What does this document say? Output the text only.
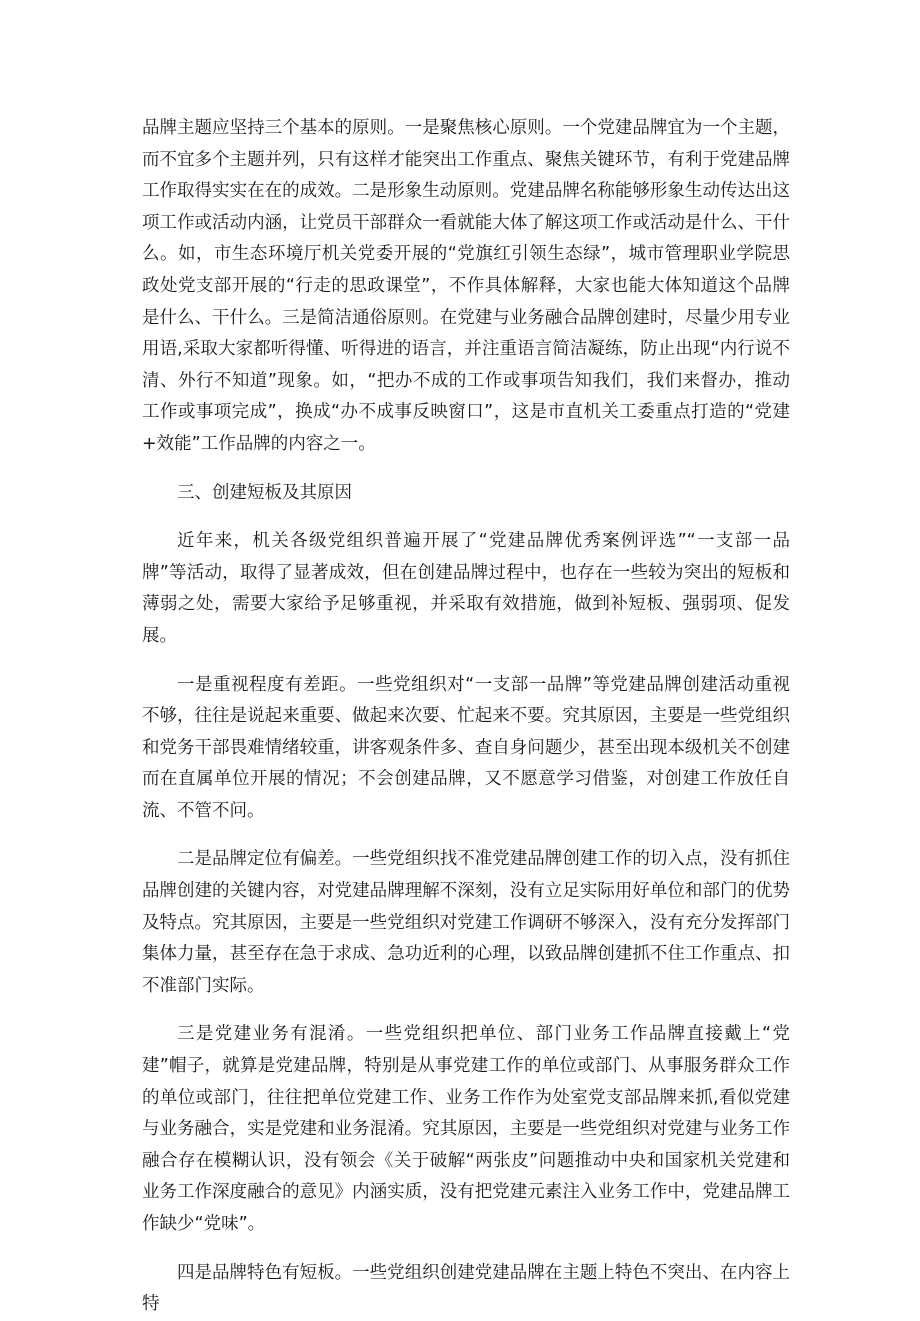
品牌主题应坚持三个基本的原则。一是聚焦核心原则。一个党建品牌宜为一个主题，而不宜多个主题并列，只有这样才能突出工作重点、聚焦关键环节，有利于党建品牌工作取得实实在在的成效。二是形象生动原则。党建品牌名称能够形象生动传达出这项工作或活动内涵，让党员干部群众一看就能大体了解这项工作或活动是什么、干什么。如，市生态环境厅机关党委开展的“党旗红引领生态绿”，城市管理职业学院思政处党支部开展的“行走的思政课堂”，不作具体解释，大家也能大体知道这个品牌是什么、干什么。三是简洁通俗原则。在党建与业务融合品牌创建时，尽量少用专业用语,采取大家都听得懂、听得进的语言，并注重语言简洁凝练，防止出现“内行说不清、外行不知道”现象。如，“把办不成的工作或事项告知我们，我们来督办，推动工作或事项完成”，换成“办不成事反映窗口”，这是市直机关工委重点打造的“党建+效能”工作品牌的内容之一。

三、创建短板及其原因

近年来，机关各级党组织普遍开展了“党建品牌优秀案例评选”“一支部一品牌”等活动，取得了显著成效，但在创建品牌过程中，也存在一些较为突出的短板和薄弱之处，需要大家给予足够重视，并采取有效措施，做到补短板、强弱项、促发展。

一是重视程度有差距。一些党组织对“一支部一品牌”等党建品牌创建活动重视不够，往往是说起来重要、做起来次要、忙起来不要。究其原因，主要是一些党组织和党务干部畏难情绪较重，讲客观条件多、查自身问题少，甚至出现本级机关不创建而在直属单位开展的情况；不会创建品牌，又不愿意学习借鉴，对创建工作放任自流、不管不问。

二是品牌定位有偏差。一些党组织找不准党建品牌创建工作的切入点，没有抓住品牌创建的关键内容，对党建品牌理解不深刻，没有立足实际用好单位和部门的优势及特点。究其原因，主要是一些党组织对党建工作调研不够深入，没有充分发挥部门集体力量，甚至存在急于求成、急功近利的心理，以致品牌创建抓不住工作重点、扣不准部门实际。

三是党建业务有混淆。一些党组织把单位、部门业务工作品牌直接戴上“党建”帽子，就算是党建品牌，特别是从事党建工作的单位或部门、从事服务群众工作的单位或部门，往往把单位党建工作、业务工作作为处室党支部品牌来抓,看似党建与业务融合，实是党建和业务混淆。究其原因，主要是一些党组织对党建与业务工作融合存在模糊认识，没有领会《关于破解“两张皮”问题推动中央和国家机关党建和业务工作深度融合的意见》内涵实质，没有把党建元素注入业务工作中，党建品牌工作缺少“党味”。

四是品牌特色有短板。一些党组织创建党建品牌在主题上特色不突出、在内容上特
